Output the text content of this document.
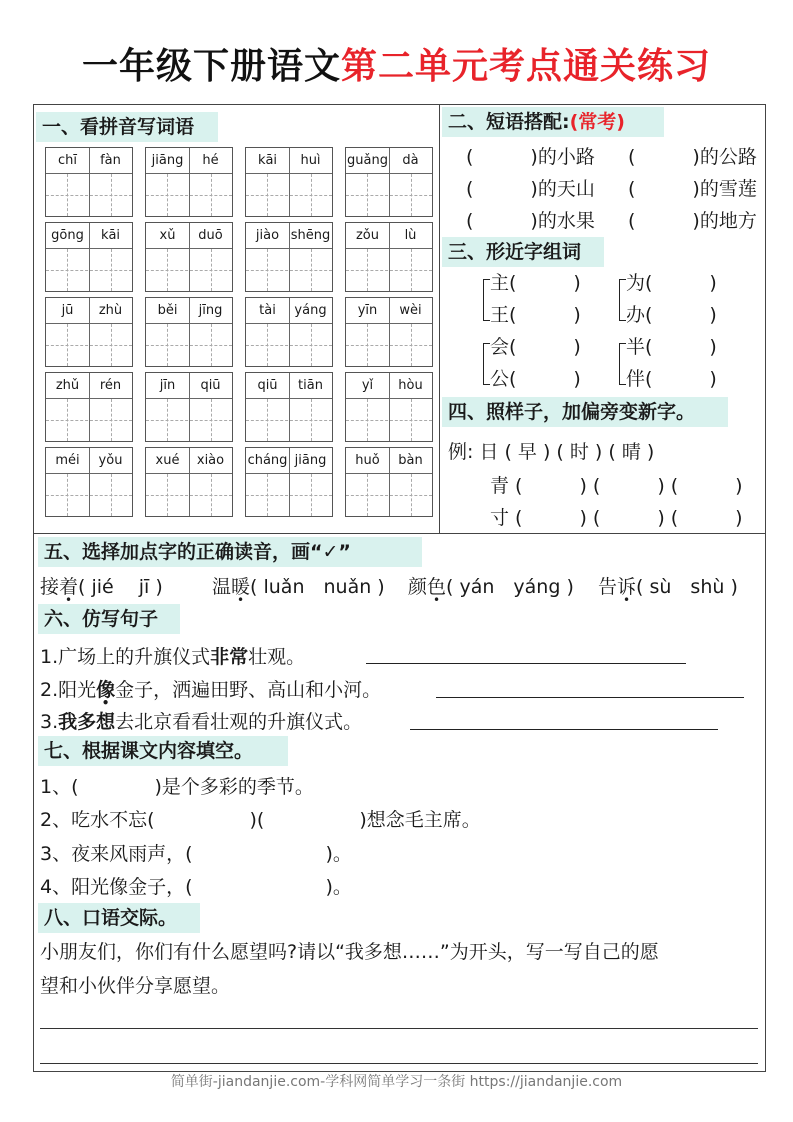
一年级下册语文第二单元考点通关练习
一、看拼音写词语
chī	fàn	jiāng	hé	kāi	huì	guǎng	dà
gōng	kāi	xǔ	duō	jiào shēng	zǒu	lù
jū	zhù	běi	jīng	tài	yáng	yīn	wèi
zhǔ	rén	jīn	qiū	qiū	tiān	yǐ	hòu
méi	yǒu	xué	xiào	cháng jiāng	huǒ	bàn
二、短语搭配:(常考)
(　　　)的小路 (　　　)的公路
(　　　)的天山 (　　　)的雪莲
(　　　)的水果 (　　　)的地方
三、形近字组词
主(　　　)
王(　　　)
为(　　　)
办(　　　)
会(　　　)
公(　　　)
半(　　　)
伴(　　　)
四、照样子，加偏旁变新字。
例: 日 ( 早 ) ( 时 ) ( 晴 )
青 (　　　) (　　　) (　　　)
寸 (　　　) (　　　) (　　　)
五、选择加点字的正确读音，画“✓”
接着( jié　 jī )	温暖( luǎn　nuǎn ) 颜色( yán　yáng ) 告诉( sù　shù )
六、仿写句子
1.广场上的升旗仪式非常壮观。
2.阳光像金子，洒遍田野、高山和小河。
3.我多想去北京看看壮观的升旗仪式。
七、根据课文内容填空。
1、(　　　　)是个多彩的季节。
2、吃水不忘(　　　　　)(　　　　　)想念毛主席。
3、夜来风雨声，(　　　　　　　)。
4、阳光像金子，(　　　　　　　)。
八、口语交际。
小朋友们，你们有什么愿望吗?请以“我多想……”为开头，写一写自己的愿
望和小伙伴分享愿望。
简单街-jiandanjie.com-学科网简单学习一条街 https://jiandanjie.com
